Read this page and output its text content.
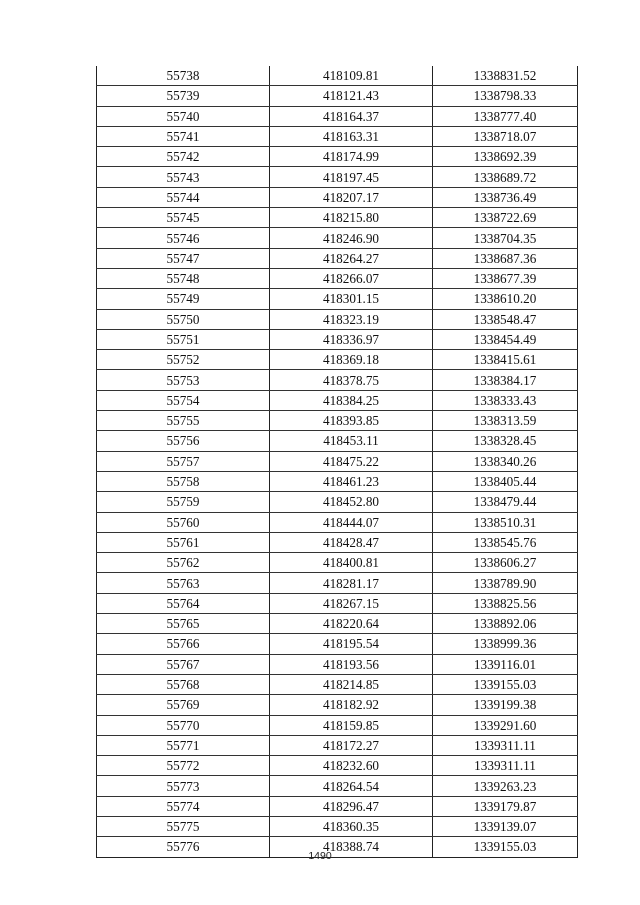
55738	418109.81	1338831.52
55739	418121.43	1338798.33
55740	418164.37	1338777.40
55741	418163.31	1338718.07
55742	418174.99	1338692.39
55743	418197.45	1338689.72
55744	418207.17	1338736.49
55745	418215.80	1338722.69
55746	418246.90	1338704.35
55747	418264.27	1338687.36
55748	418266.07	1338677.39
55749	418301.15	1338610.20
55750	418323.19	1338548.47
55751	418336.97	1338454.49
55752	418369.18	1338415.61
55753	418378.75	1338384.17
55754	418384.25	1338333.43
55755	418393.85	1338313.59
55756	418453.11	1338328.45
55757	418475.22	1338340.26
55758	418461.23	1338405.44
55759	418452.80	1338479.44
55760	418444.07	1338510.31
55761	418428.47	1338545.76
55762	418400.81	1338606.27
55763	418281.17	1338789.90
55764	418267.15	1338825.56
55765	418220.64	1338892.06
55766	418195.54	1338999.36
55767	418193.56	1339116.01
55768	418214.85	1339155.03
55769	418182.92	1339199.38
55770	418159.85	1339291.60
55771	418172.27	1339311.11
55772	418232.60	1339311.11
55773	418264.54	1339263.23
55774	418296.47	1339179.87
55775	418360.35	1339139.07
55776	418388.74	1339155.03
1490
